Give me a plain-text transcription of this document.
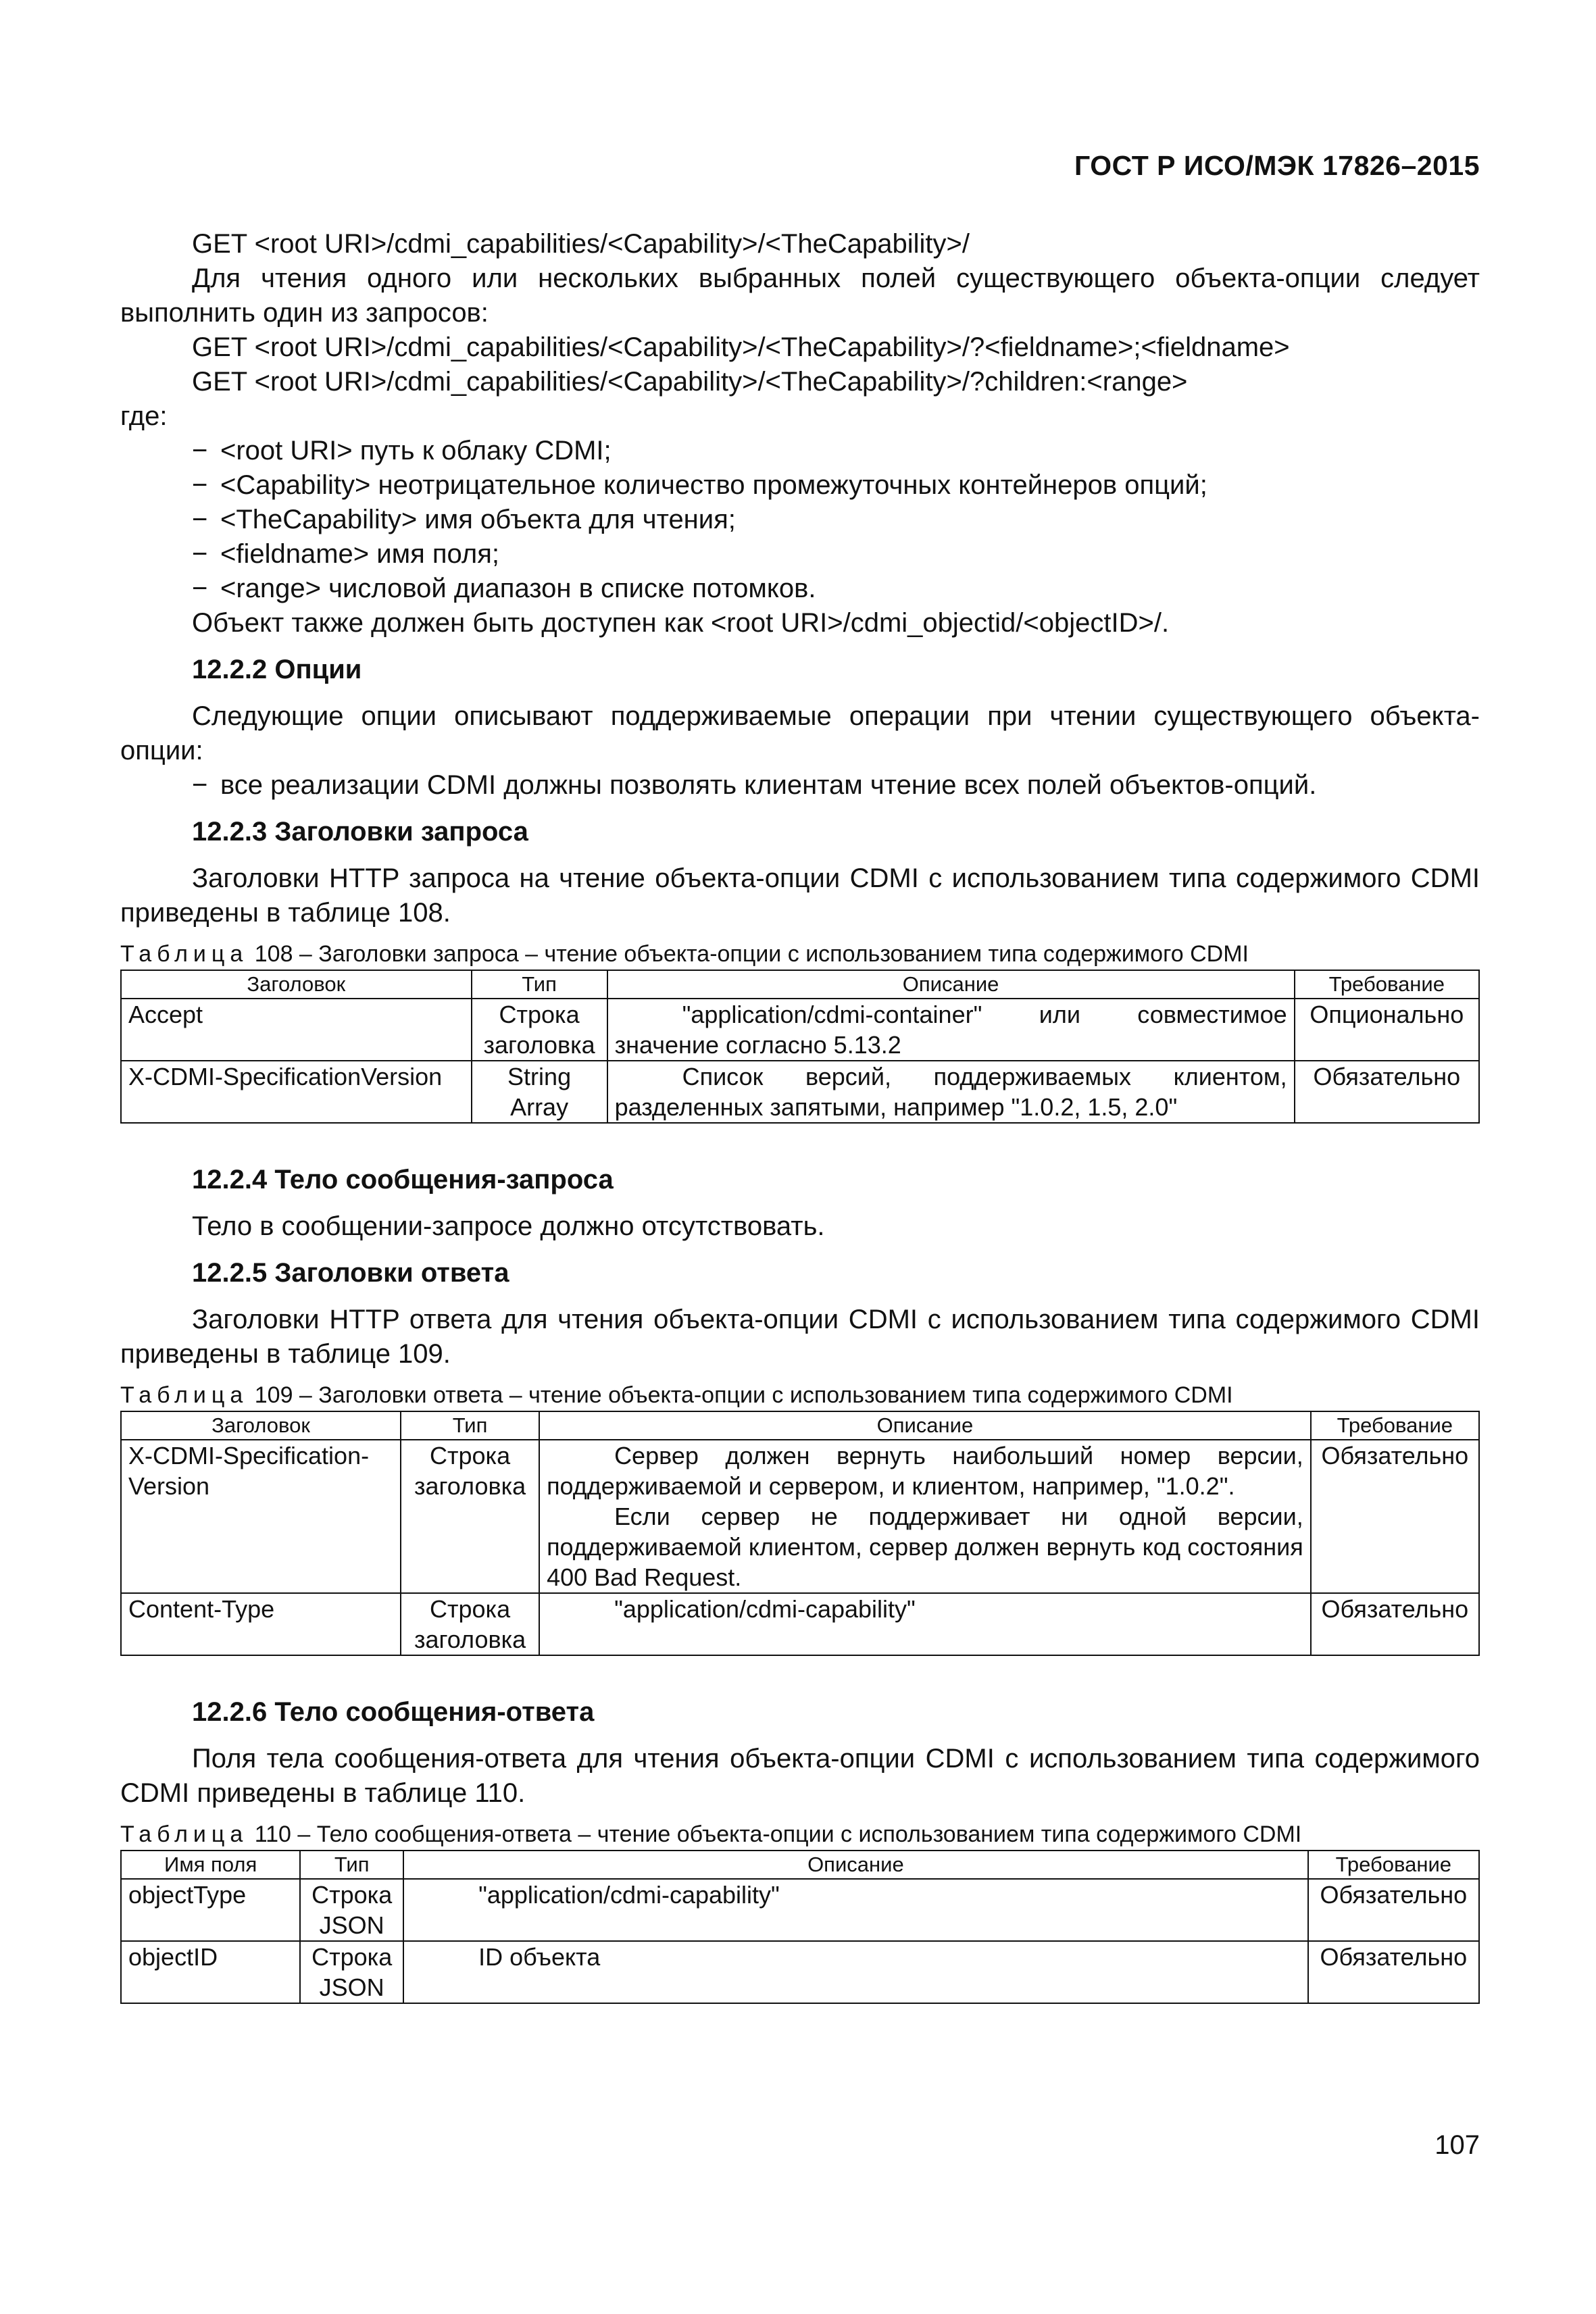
ГОСТ Р ИСО/МЭК 17826–2015

GET <root URI>/cdmi_capabilities/<Capability>/<TheCapability>/

Для чтения одного или нескольких выбранных полей существующего объекта-опции следует выполнить один из запросов:

GET <root URI>/cdmi_capabilities/<Capability>/<TheCapability>/?<fieldname>;<fieldname>

GET <root URI>/cdmi_capabilities/<Capability>/<TheCapability>/?children:<range>

где:

− <root URI> путь к облаку CDMI;
− <Capability> неотрицательное количество промежуточных контейнеров опций;
− <TheCapability> имя объекта для чтения;
− <fieldname> имя поля;
− <range> числовой диапазон в списке потомков.

Объект также должен быть доступен как <root URI>/cdmi_objectid/<objectID>/.

12.2.2 Опции

Следующие опции описывают поддерживаемые операции при чтении существующего объекта-опции:

− все реализации CDMI должны позволять клиентам чтение всех полей объектов-опций.

12.2.3 Заголовки запроса

Заголовки HTTP запроса на чтение объекта-опции CDMI с использованием типа содержимого CDMI приведены в таблице 108.

Таблица 108 – Заголовки запроса – чтение объекта-опции с использованием типа содержимого CDMI
Заголовок	Тип	Описание	Требование
Accept	Строка заголовка	"application/cdmi-container" или совместимое значение согласно 5.13.2	Опционально
X-CDMI-SpecificationVersion	String Array	Список версий, поддерживаемых клиентом, разделенных запятыми, например "1.0.2, 1.5, 2.0"	Обязательно

12.2.4 Тело сообщения-запроса

Тело в сообщении-запросе должно отсутствовать.

12.2.5 Заголовки ответа

Заголовки HTTP ответа для чтения объекта-опции CDMI с использованием типа содержимого CDMI приведены в таблице 109.

Таблица 109 – Заголовки ответа – чтение объекта-опции с использованием типа содержимого CDMI
Заголовок	Тип	Описание	Требование
X-CDMI-Specification-Version	Строка заголовка	Сервер должен вернуть наибольший номер версии, поддерживаемой и сервером, и клиентом, например, "1.0.2".
Если сервер не поддерживает ни одной версии, поддерживаемой клиентом, сервер должен вернуть код состояния 400 Bad Request.	Обязательно
Content-Type	Строка заголовка	"application/cdmi-capability"	Обязательно

12.2.6 Тело сообщения-ответа

Поля тела сообщения-ответа для чтения объекта-опции CDMI с использованием типа содержимого CDMI приведены в таблице 110.

Таблица 110 – Тело сообщения-ответа – чтение объекта-опции с использованием типа содержимого CDMI
Имя поля	Тип	Описание	Требование
objectType	Строка JSON	"application/cdmi-capability"	Обязательно
objectID	Строка JSON	ID объекта	Обязательно
107
